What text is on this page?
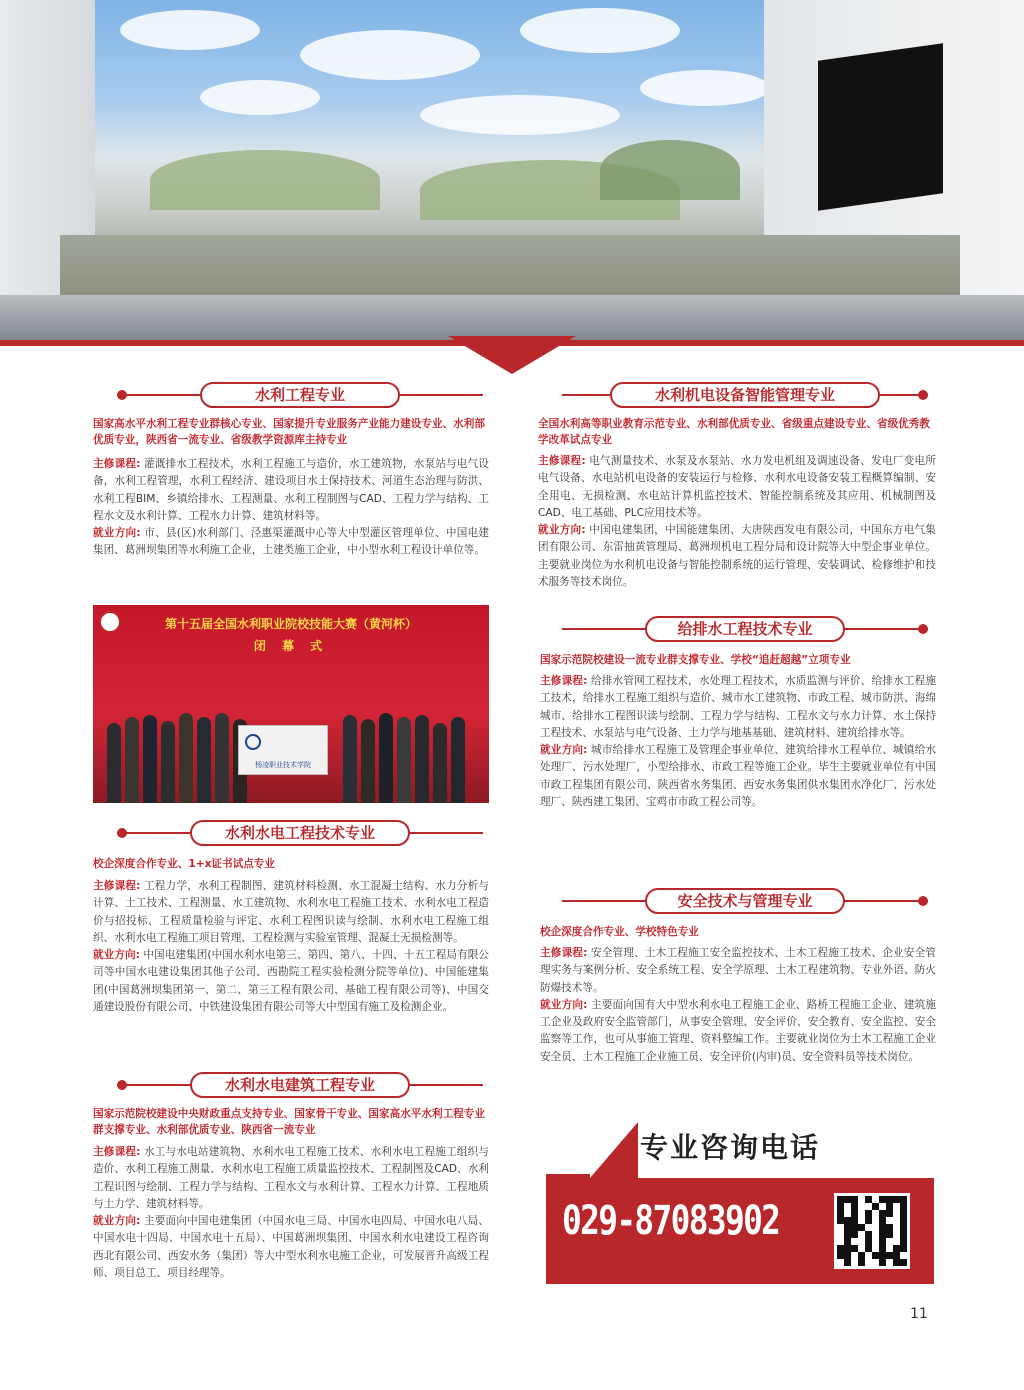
水利工程专业
国家高水平水利工程专业群核心专业、国家提升专业服务产业能力建设专业、水利部优质专业，陕西省一流专业、省级教学资源库主持专业
主修课程: 灌溉排水工程技术，水利工程施工与造价，水工建筑物，水泵站与电气设备，水利工程管理，水利工程经济、建设项目水土保持技术、河道生态治理与防洪、水利工程BIM、乡镇给排水、工程测量、水利工程制图与CAD、工程力学与结构、工程水文及水利计算、工程水力计算、建筑材料等。
就业方向: 市、县(区)水利部门、泾惠渠灌溉中心等大中型灌区管理单位、中国电建集团、葛洲坝集团等水利施工企业，土建类施工企业，中小型水利工程设计单位等。
第十五届全国水利职业院校技能大赛（黄河杯）
闭 幕 式
杨凌职业技术学院
水利水电工程技术专业
校企深度合作专业、1+x证书试点专业
主修课程: 工程力学、水利工程制图、建筑材料检测、水工混凝土结构、水力分析与计算、土工技术、工程测量、水工建筑物、水利水电工程施工技术、水利水电工程造价与招投标、工程质量检验与评定、水利工程图识读与绘制、水利水电工程施工组织、水利水电工程施工项目管理、工程检测与实验室管理、混凝土无损检测等。
就业方向: 中国电建集团(中国水利水电第三、第四、第八、十四、十五工程局有限公司等中国水电建设集团其他子公司、西勘院工程实验检测分院等单位)、中国能建集团(中国葛洲坝集团第一、第二、第三工程有限公司、基础工程有限公司等)、中国交通建设股份有限公司、中铁建设集团有限公司等大中型国有施工及检测企业。
水利水电建筑工程专业
国家示范院校建设中央财政重点支持专业、国家骨干专业、国家高水平水利工程专业群支撑专业、水利部优质专业、陕西省一流专业
主修课程: 水工与水电站建筑物、水利水电工程施工技术、水利水电工程施工组织与造价、水利工程施工测量、水利水电工程施工质量监控技术、工程制图及CAD、水利工程识图与绘制、工程力学与结构、工程水文与水利计算、工程水力计算、工程地质与土力学、建筑材料等。
就业方向: 主要面向中国电建集团（中国水电三局、中国水电四局、中国水电八局、中国水电十四局、中国水电十五局）、中国葛洲坝集团、中国水利水电建设工程咨询西北有限公司、西安水务（集团）等大中型水利水电施工企业，可发展晋升高级工程师、项目总工、项目经理等。
水利机电设备智能管理专业
全国水利高等职业教育示范专业、水利部优质专业、省级重点建设专业、省级优秀教学改革试点专业
主修课程: 电气测量技术、水泵及水泵站、水力发电机组及调速设备、发电厂变电所电气设备、水电站机电设备的安装运行与检修、水利水电设备安装工程概算编制、安全用电、无损检测、水电站计算机监控技术、智能控制系统及其应用、机械制图及CAD、电工基础、PLC应用技术等。
就业方向: 中国电建集团，中国能建集团、大唐陕西发电有限公司，中国东方电气集团有限公司、东雷抽黄管理局、葛洲坝机电工程分局和设计院等大中型企事业单位。主要就业岗位为水利机电设备与智能控制系统的运行管理、安装调试、检修维护和技术服务等技术岗位。
给排水工程技术专业
国家示范院校建设一流专业群支撑专业、学校“追赶超越”立项专业
主修课程: 给排水管网工程技术，水处理工程技术，水质监测与评价、给排水工程施工技术，给排水工程施工组织与造价、城市水工建筑物、市政工程、城市防洪、海绵城市、给排水工程图识读与绘制、工程力学与结构、工程水文与水力计算、水土保持工程技术、水泵站与电气设备、土力学与地基基础、建筑材料、建筑给排水等。
就业方向: 城市给排水工程施工及管理企事业单位、建筑给排水工程单位、城镇给水处理厂、污水处理厂，小型给排水、市政工程等施工企业。毕生主要就业单位有中国市政工程集团有限公司、陕西省水务集团、西安水务集团供水集团水净化厂、污水处理厂、陕西建工集团、宝鸡市市政工程公司等。
安全技术与管理专业
校企深度合作专业、学校特色专业
主修课程: 安全管理、土木工程施工安全监控技术、土木工程施工技术、企业安全管理实务与案例分析、安全系统工程、安全学原理、土木工程建筑物、专业外语、防火防爆技术等。
就业方向: 主要面向国有大中型水利水电工程施工企业、路桥工程施工企业、建筑施工企业及政府安全监管部门，从事安全管理、安全评价、安全教育、安全监控、安全监察等工作，也可从事施工管理、资料整编工作。主要就业岗位为土木工程施工企业安全员、土木工程施工企业施工员、安全评价(内审)员、安全资料员等技术岗位。
专业咨询电话
029-87083902
11
